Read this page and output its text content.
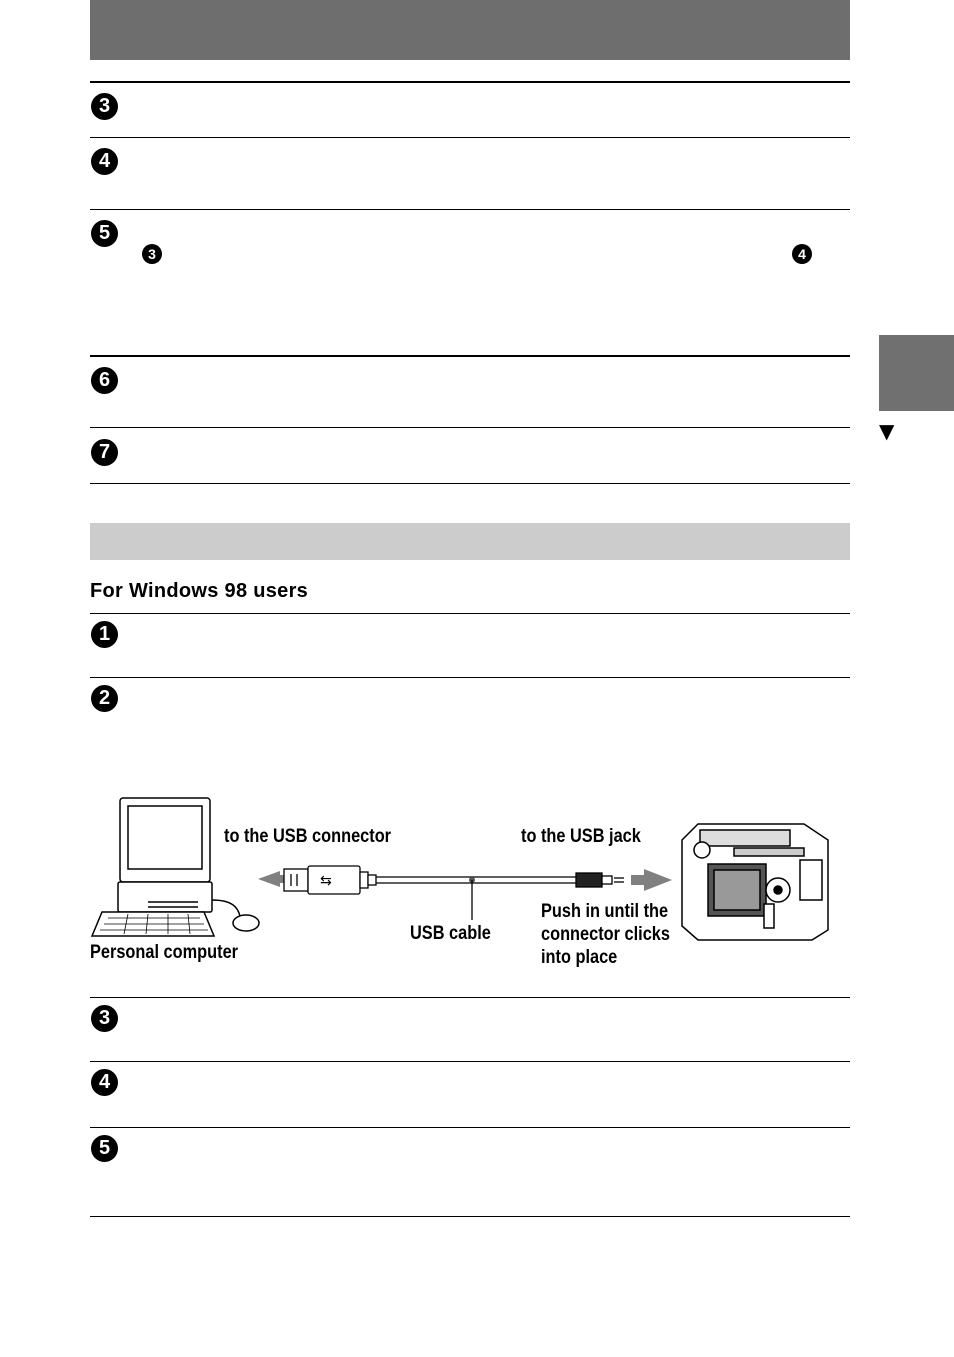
3
4
5
3	4
6
7
▼
For Windows 98 users
1
2
⇆
to the USB connector	to the USB jack
USB cable
Push in until the
connector clicks
into place
Personal computer
3
4
5
